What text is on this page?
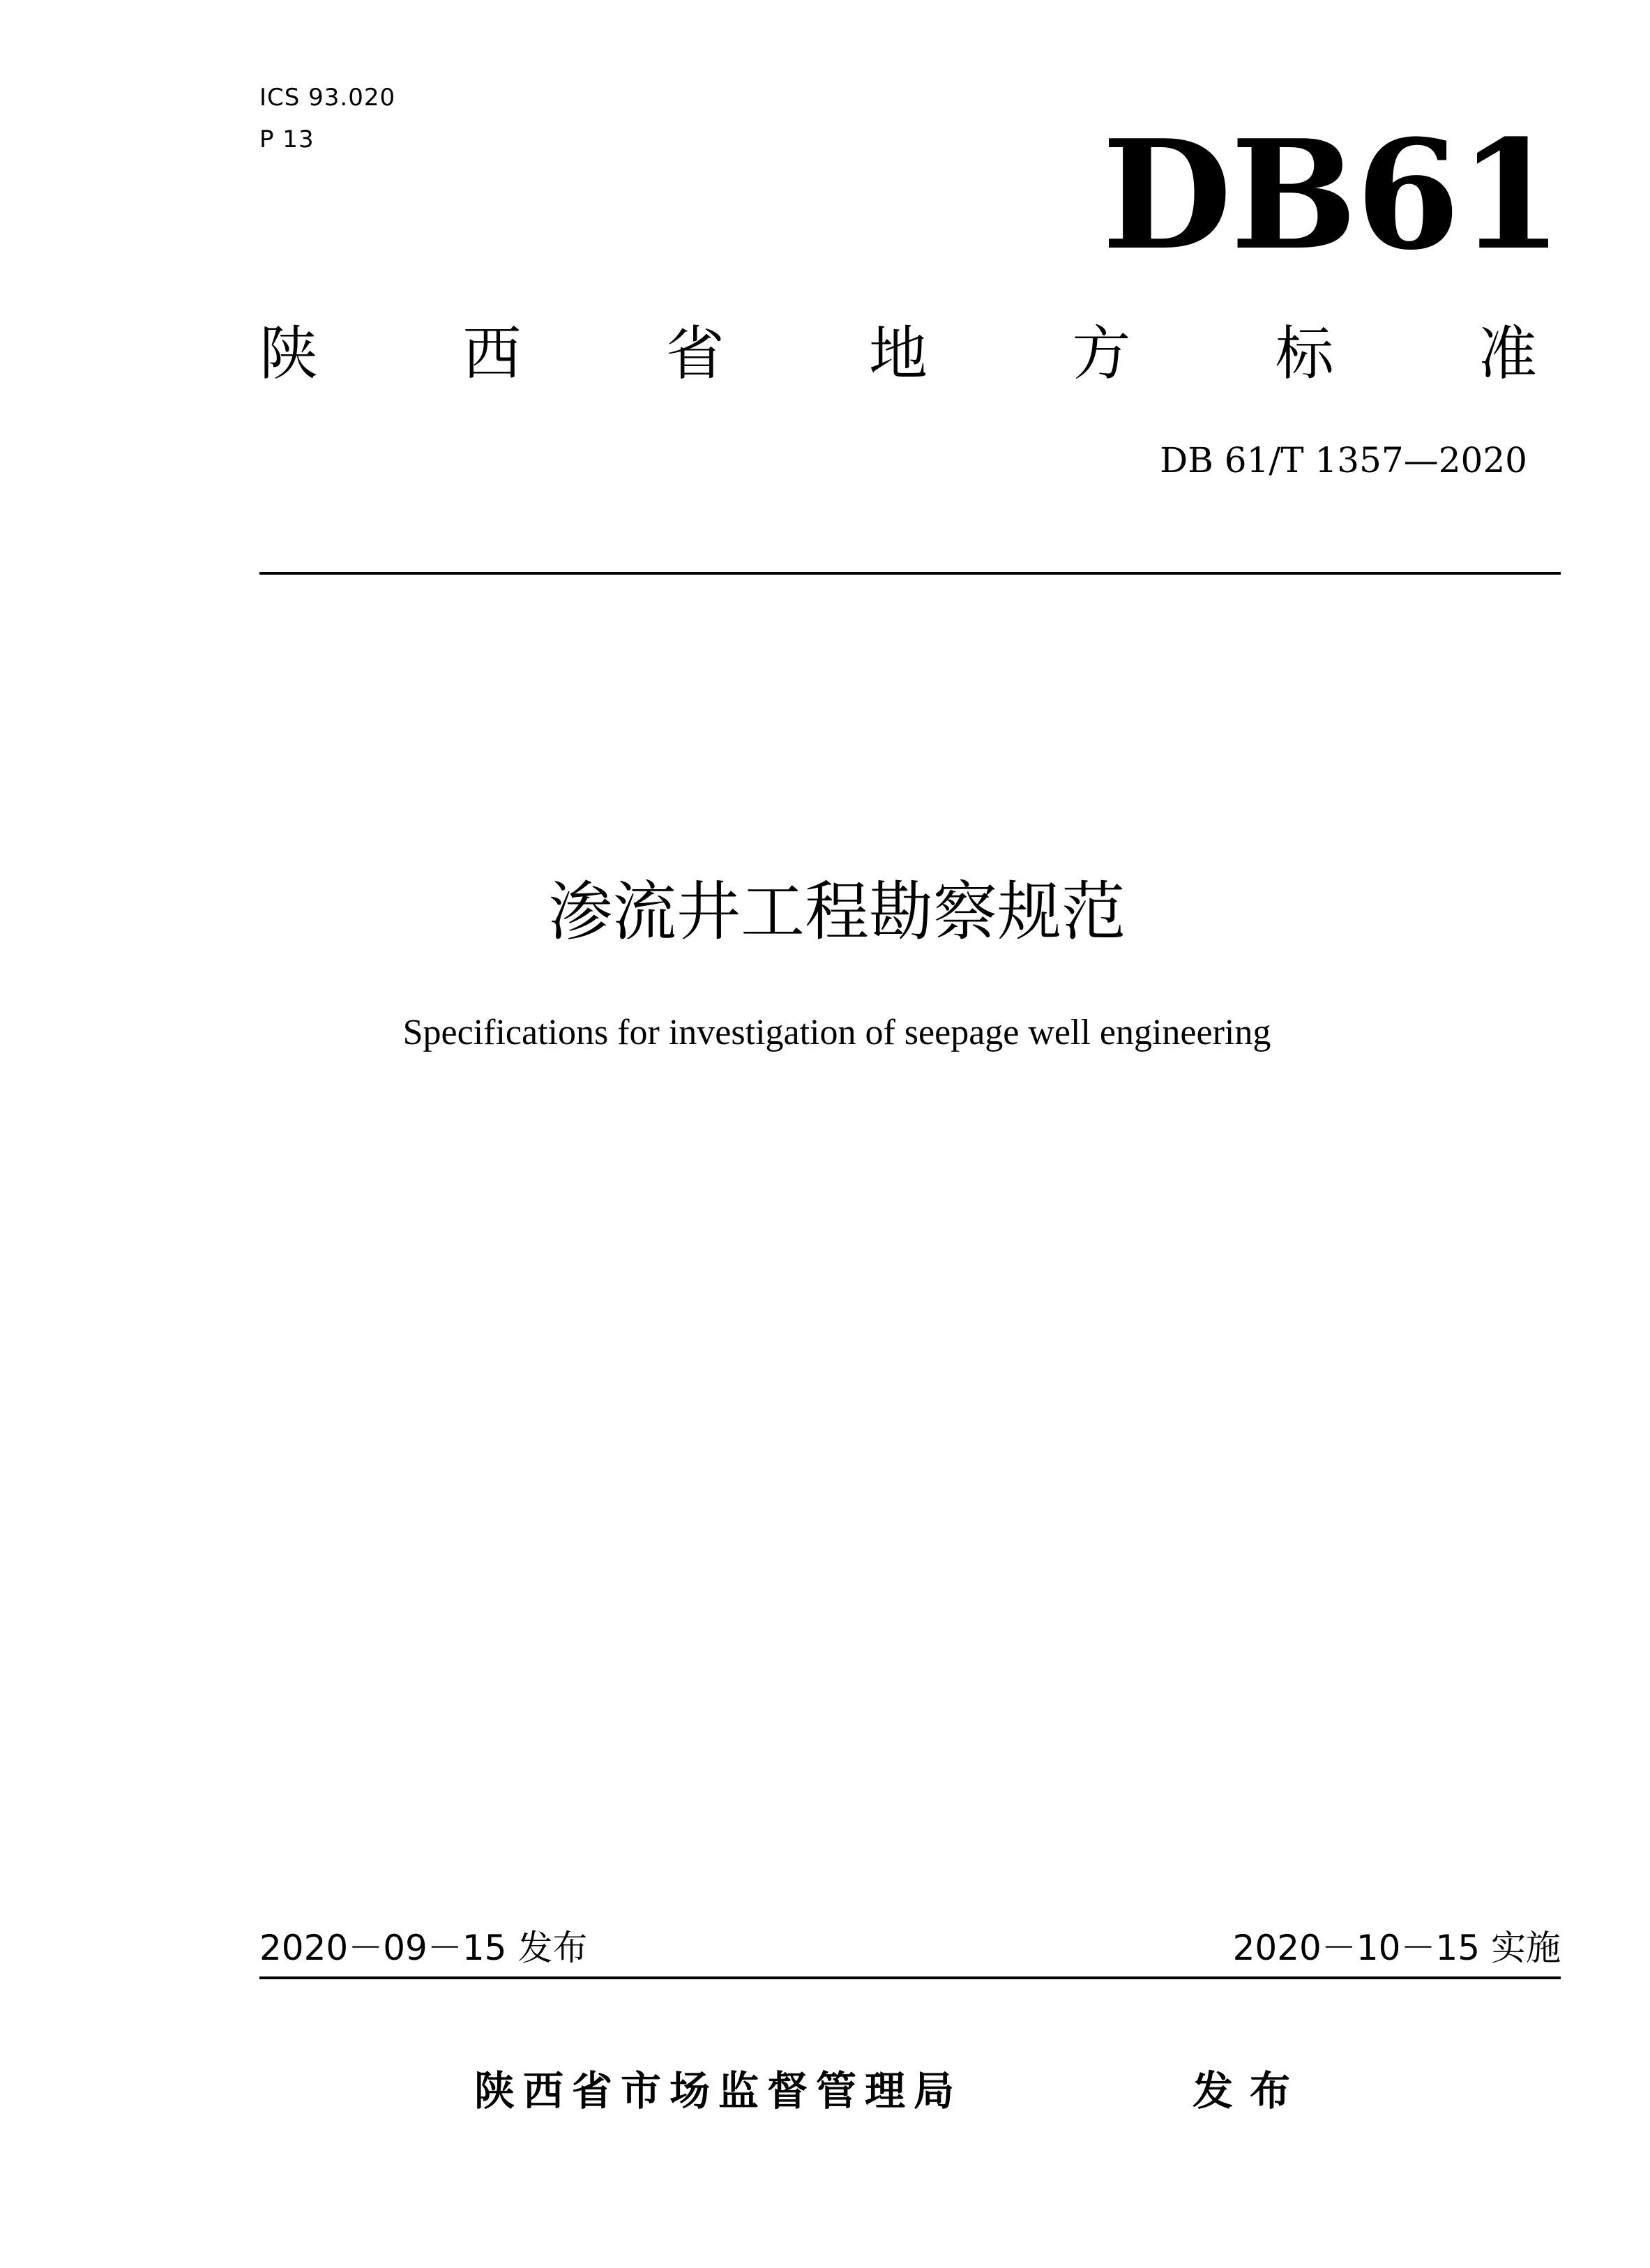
ICS 93.020
P 13	DB61
陕 西 省 地 方 标 准
DB 61/T 1357—2020
渗流井工程勘察规范
Specifications for investigation of seepage well engineering
2020－09－15 发布	2020－10－15 实施
陕西省市场监督管理局	发布
